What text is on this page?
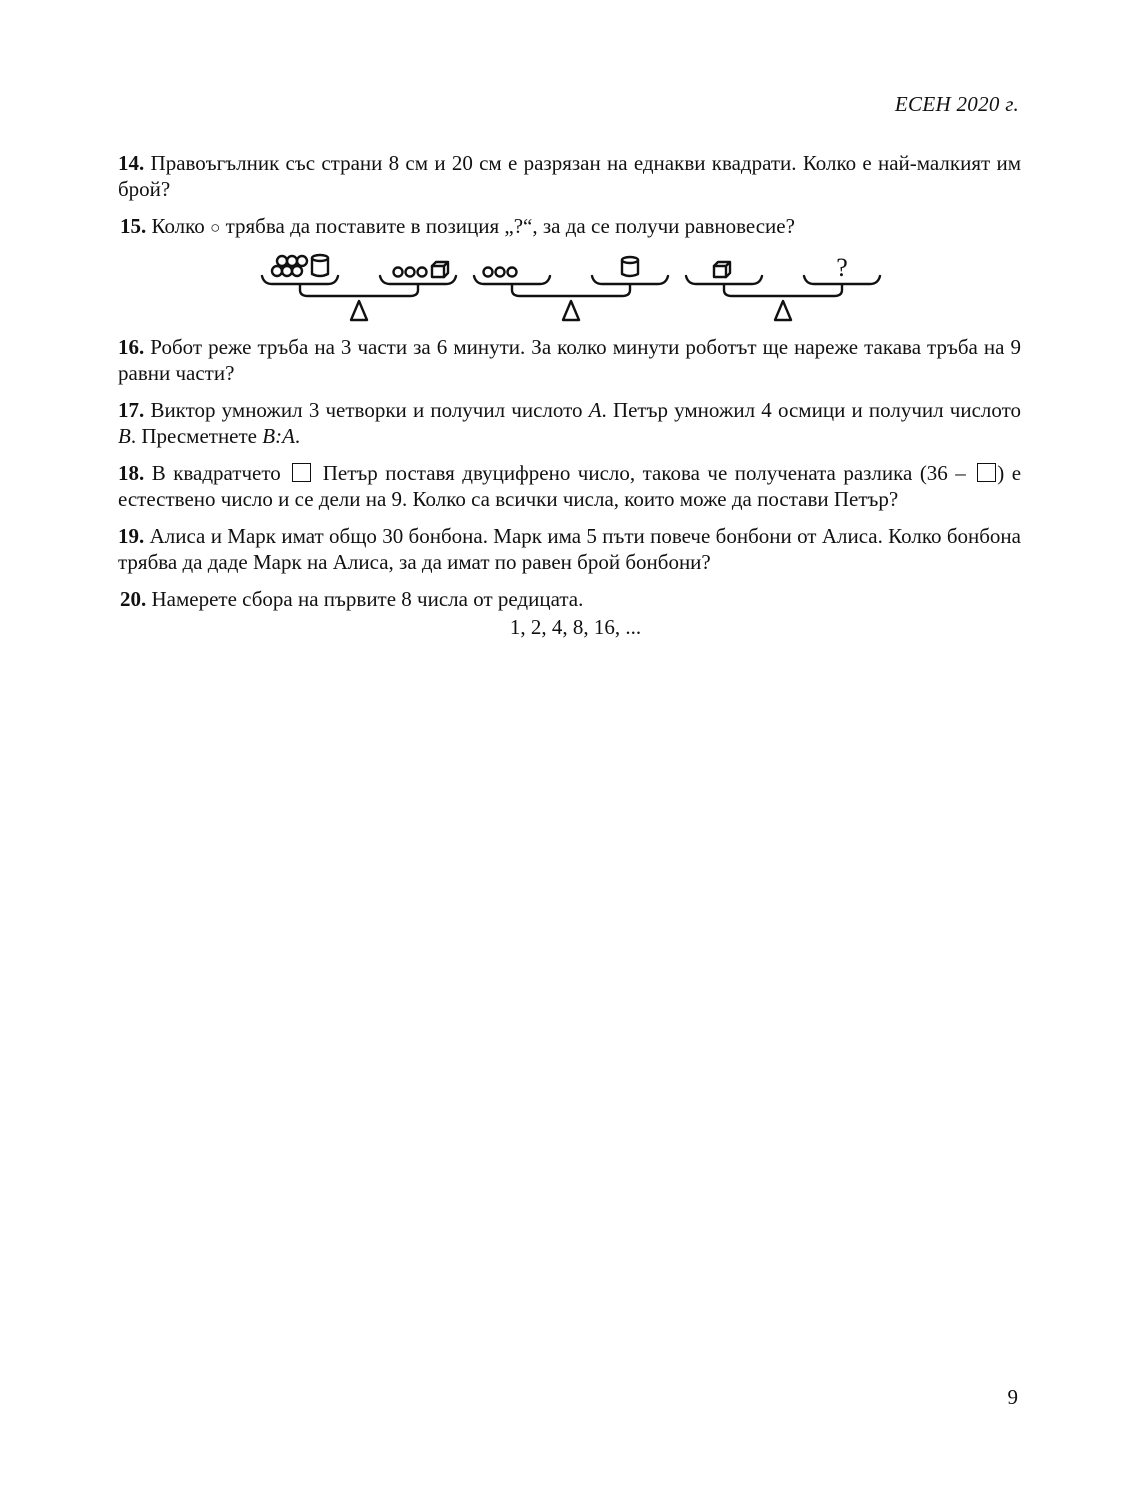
ЕСЕН 2020 г.

14. Правоъгълник със страни 8 см и 20 см е разрязан на еднакви квадрати. Колко е най-малкият им брой?

15. Колко ○ трябва да поставите в позиция „?“, за да се получи равновесие?

?

16. Робот реже тръба на 3 части за 6 минути. За колко минути роботът ще нареже такава тръба на 9 равни части?

17. Виктор умножил 3 четворки и получил числото A. Петър умножил 4 осмици и получил числото B. Пресметнете B:A.

18. В квадратчето Петър поставя двуцифрено число, такова че получената разлика (36 – ) е естествено число и се дели на 9. Колко са всички числа, които може да постави Петър?

19. Алиса и Марк имат общо 30 бонбона. Марк има 5 пъти повече бонбони от Алиса. Колко бонбона трябва да даде Марк на Алиса, за да имат по равен брой бонбони?

20. Намерете сбора на първите 8 числа от редицата.

1, 2, 4, 8, 16, ...
9
